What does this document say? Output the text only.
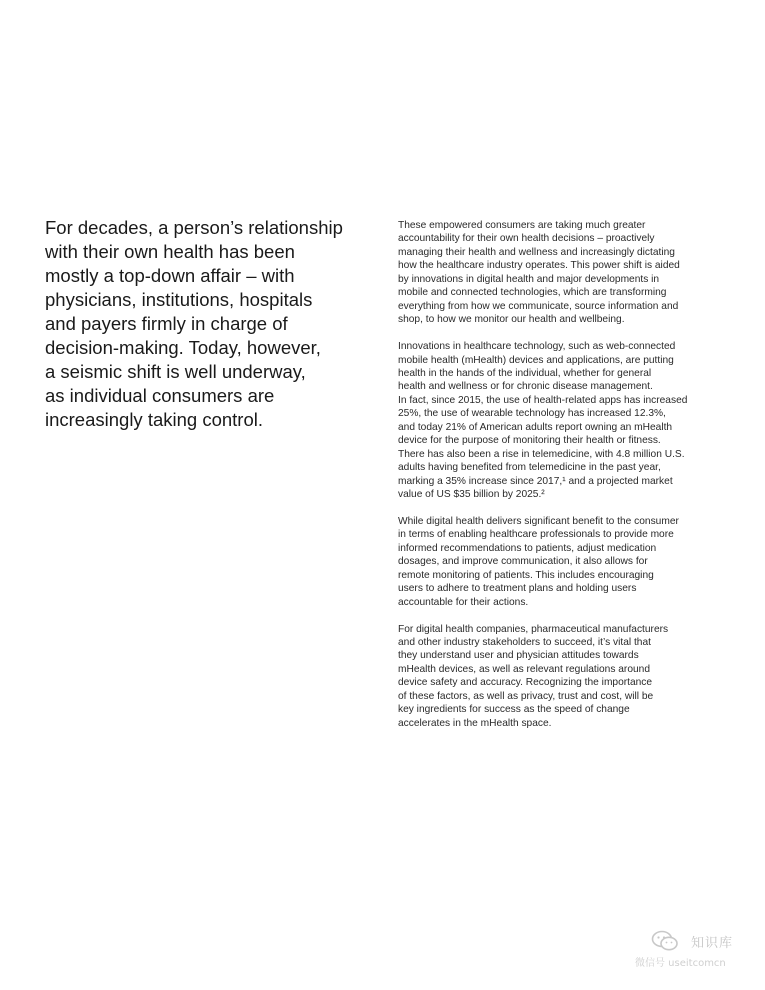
For decades, a person’s relationship
with their own health has been
mostly a top-down affair – with
physicians, institutions, hospitals
and payers firmly in charge of
decision-making. Today, however,
a seismic shift is well underway,
as individual consumers are
increasingly taking control.
These empowered consumers are taking much greater
accountability for their own health decisions – proactively
managing their health and wellness and increasingly dictating
how the healthcare industry operates. This power shift is aided
by innovations in digital health and major developments in
mobile and connected technologies, which are transforming
everything from how we communicate, source information and
shop, to how we monitor our health and wellbeing.
Innovations in healthcare technology, such as web-connected
mobile health (mHealth) devices and applications, are putting
health in the hands of the individual, whether for general
health and wellness or for chronic disease management.
In fact, since 2015, the use of health-related apps has increased
25%, the use of wearable technology has increased 12.3%,
and today 21% of American adults report owning an mHealth
device for the purpose of monitoring their health or fitness.
There has also been a rise in telemedicine, with 4.8 million U.S.
adults having benefited from telemedicine in the past year,
marking a 35% increase since 2017,¹ and a projected market
value of US $35 billion by 2025.²
While digital health delivers significant benefit to the consumer
in terms of enabling healthcare professionals to provide more
informed recommendations to patients, adjust medication
dosages, and improve communication, it also allows for
remote monitoring of patients. This includes encouraging
users to adhere to treatment plans and holding users
accountable for their actions.
For digital health companies, pharmaceutical manufacturers
and other industry stakeholders to succeed, it’s vital that
they understand user and physician attitudes towards
mHealth devices, as well as relevant regulations around
device safety and accuracy. Recognizing the importance
of these factors, as well as privacy, trust and cost, will be
key ingredients for success as the speed of change
accelerates in the mHealth space.
知识库
微信号 useitcomcn
